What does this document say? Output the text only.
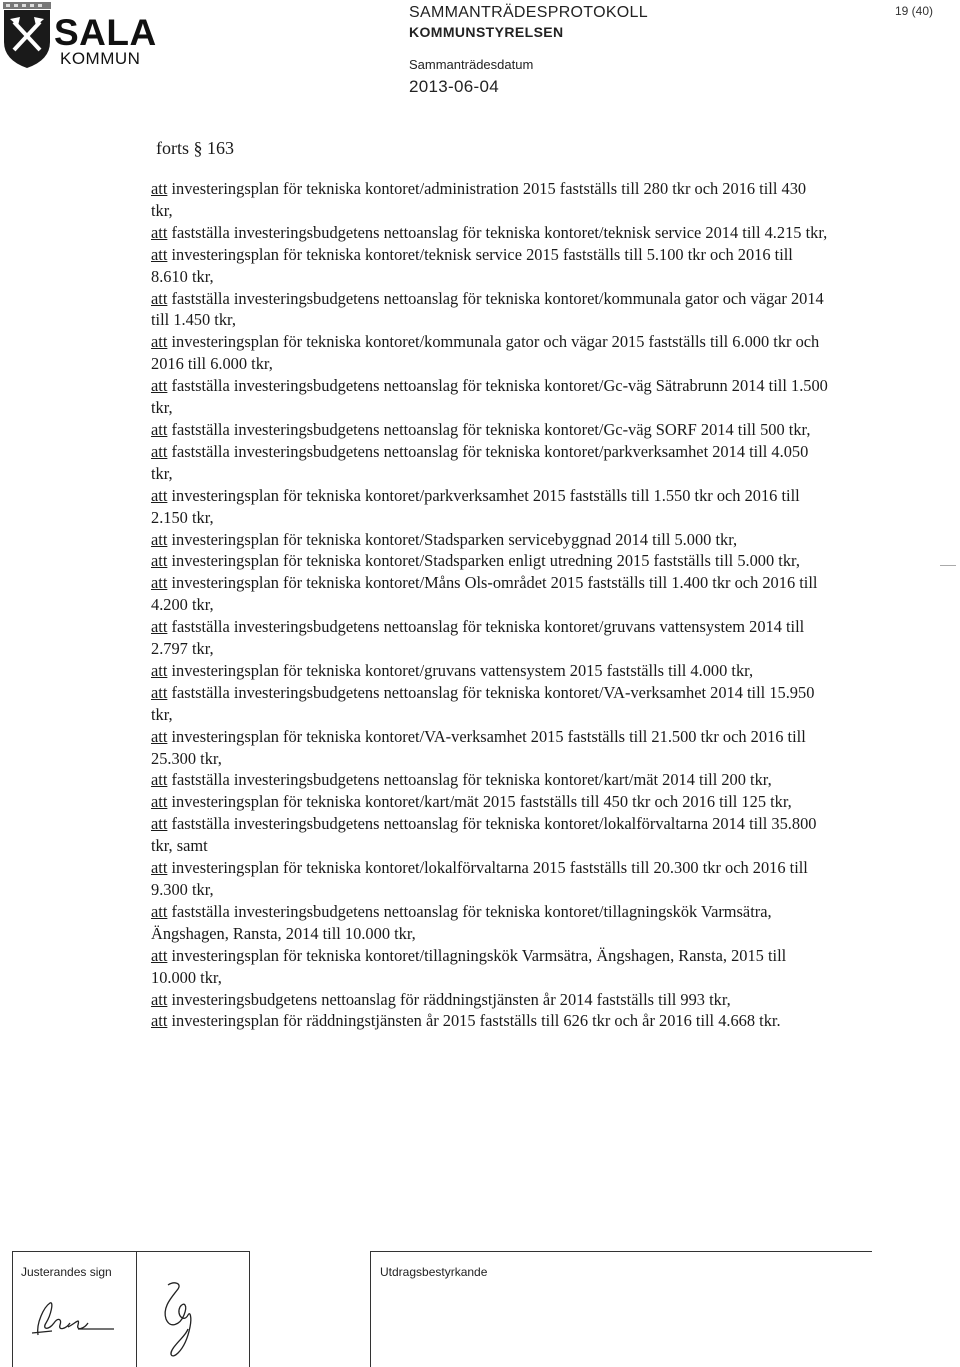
SALA
KOMMUN
SAMMANTRÄDESPROTOKOLL
KOMMUNSTYRELSEN
Sammanträdesdatum
2013-06-04
19 (40)
forts § 163

att investeringsplan för tekniska kontoret/administration 2015 fastställs till 280 tkr och 2016 till 430 tkr,

att fastställa investeringsbudgetens nettoanslag för tekniska kontoret/teknisk service 2014 till 4.215 tkr,

att investeringsplan för tekniska kontoret/teknisk service 2015 fastställs till 5.100 tkr och 2016 till 8.610 tkr,

att fastställa investeringsbudgetens nettoanslag för tekniska kontoret/kommunala gator och vägar 2014 till 1.450 tkr,

att investeringsplan för tekniska kontoret/kommunala gator och vägar 2015 fastställs till 6.000 tkr och 2016 till 6.000 tkr,

att fastställa investeringsbudgetens nettoanslag för tekniska kontoret/Gc-väg Sätrabrunn 2014 till 1.500 tkr,

att fastställa investeringsbudgetens nettoanslag för tekniska kontoret/Gc-väg SORF 2014 till 500 tkr,

att fastställa investeringsbudgetens nettoanslag för tekniska kontoret/parkverksamhet 2014 till 4.050 tkr,

att investeringsplan för tekniska kontoret/parkverksamhet 2015 fastställs till 1.550 tkr och 2016 till 2.150 tkr,

att investeringsplan för tekniska kontoret/Stadsparken servicebyggnad 2014 till 5.000 tkr,

att investeringsplan för tekniska kontoret/Stadsparken enligt utredning 2015 fastställs till 5.000 tkr,

att investeringsplan för tekniska kontoret/Måns Ols-området 2015 fastställs till 1.400 tkr och 2016 till 4.200 tkr,

att fastställa investeringsbudgetens nettoanslag för tekniska kontoret/gruvans vattensystem 2014 till 2.797 tkr,

att investeringsplan för tekniska kontoret/gruvans vattensystem 2015 fastställs till 4.000 tkr,

att fastställa investeringsbudgetens nettoanslag för tekniska kontoret/VA-verksamhet 2014 till 15.950 tkr,

att investeringsplan för tekniska kontoret/VA-verksamhet 2015 fastställs till 21.500 tkr och 2016 till 25.300 tkr,

att fastställa investeringsbudgetens nettoanslag för tekniska kontoret/kart/mät 2014 till 200 tkr,

att investeringsplan för tekniska kontoret/kart/mät 2015 fastställs till 450 tkr och 2016 till 125 tkr,

att fastställa investeringsbudgetens nettoanslag för tekniska kontoret/lokalförvaltarna 2014 till 35.800 tkr, samt

att investeringsplan för tekniska kontoret/lokalförvaltarna 2015 fastställs till 20.300 tkr och 2016 till 9.300 tkr,

att fastställa investeringsbudgetens nettoanslag för tekniska kontoret/tillagningskök Varmsätra, Ängshagen, Ransta, 2014 till 10.000 tkr,

att investeringsplan för tekniska kontoret/tillagningskök Varmsätra, Ängshagen, Ransta, 2015 till 10.000 tkr,

att investeringsbudgetens nettoanslag för räddningstjänsten år 2014 fastställs till 993 tkr,

att investeringsplan för räddningstjänsten år 2015 fastställs till 626 tkr och år 2016 till 4.668 tkr.

Justerandes sign	Utdragsbestyrkande
